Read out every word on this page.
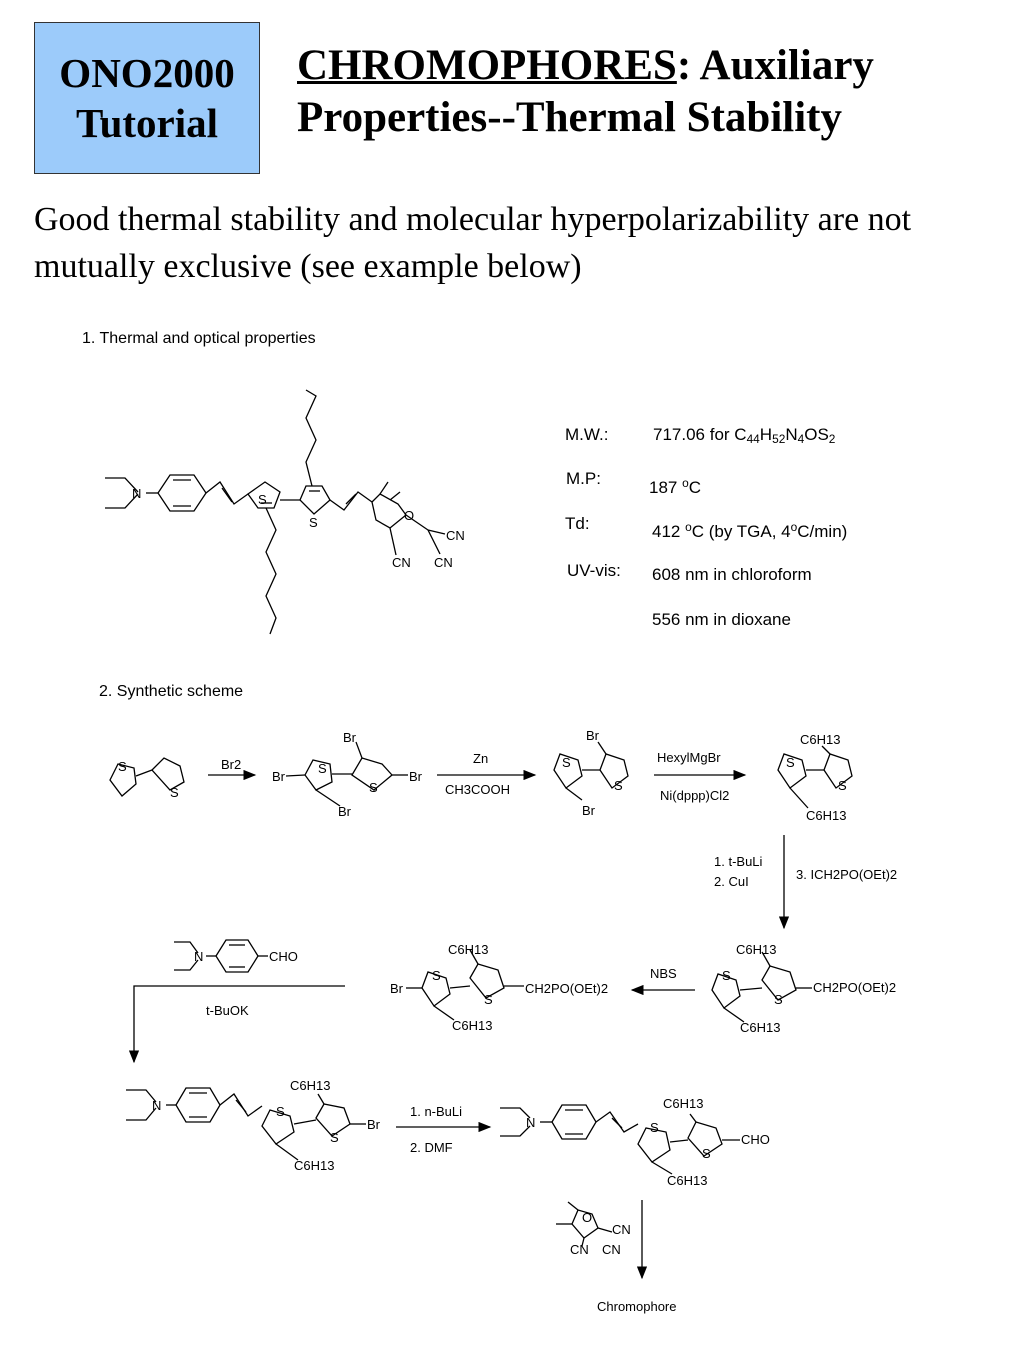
ONO2000
Tutorial
CHROMOPHORES: Auxiliary
Properties--Thermal Stability
Good thermal stability and molecular hyperpolarizability are not mutually exclusive (see example below)
1. Thermal and optical properties
M.W.:	717.06 for $C_{44}H_{52}N_4OS_2$
M.P:	187 $^o$C
Td:	412 $^o$C (by TGA, 4$^o$C/min)
UV-vis: 608 nm in chloroform
556 nm in dioxane
2. Synthetic scheme
N	S
S	O
CN
CN CN
S
S
Br2
Br
Br
S
S
Br
Br
Zn
CH3COOH
Br
S
S
Br
HexylMgBr
Ni(dppp)Cl2
C6H13
S
S
C6H13
1. t-BuLi
2. CuI	3. ICH2PO(OEt)2
C6H13
S
S
CH2PO(OEt)2
C6H13
NBS
C6H13
Br
S
S
CH2PO(OEt)2
C6H13
N	CHO
t-BuOK
N
C6H13
S
S
Br
C6H13
1. n-BuLi
2. DMF
N
C6H13
S
S
CHO
C6H13
O
CN
CN CN
Chromophore
